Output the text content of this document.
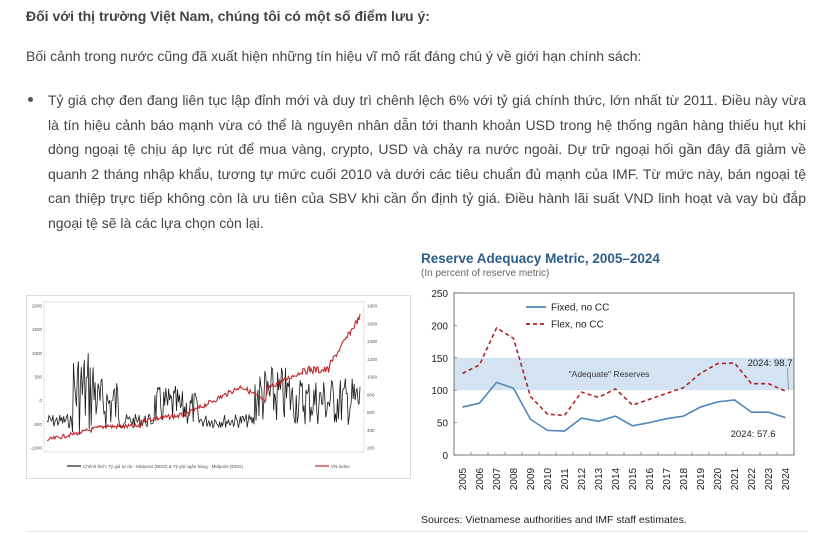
Đối với thị trường Việt Nam, chúng tôi có một số điểm lưu ý:
Bối cảnh trong nước cũng đã xuất hiện những tín hiệu vĩ mô rất đáng chú ý về giới hạn chính sách:
Tỷ giá chợ đen đang liên tục lập đỉnh mới và duy trì chênh lệch 6% với tỷ giá chính thức, lớn nhất từ 2011. Điều này vừa là tín hiệu cảnh báo mạnh vừa có thể là nguyên nhân dẫn tới thanh khoản USD trong hệ thống ngân hàng thiếu hụt khi dòng ngoại tệ chịu áp lực rút để mua vàng, crypto, USD và chảy ra nước ngoài. Dự trữ ngoại hối gần đây đã giảm về quanh 2 tháng nhập khẩu, tương tự mức cuối 2010 và dưới các tiêu chuẩn đủ mạnh của IMF. Từ mức này, bán ngoại tệ can thiệp trực tiếp không còn là ưu tiên của SBV khi cần ổn định tỷ giá. Điều hành lãi suất VND linh hoạt và vay bù đắp ngoại tệ sẽ là các lựa chọn còn lại.
2000
1500
1000
500
0
-500
-1000
1800
1600
1400
1200
1000
800
600
400
200
Chênh lệch: Tỷ giá tự do - Midpoint (ĐDO) & Tỷ giá ngân hàng - Midpoint (ĐDO)	VN-index
Reserve Adequacy Metric, 2005–2024
(In percent of reserve metric)
"Adequate" Reserves
0
50
100
150
200
250
2005 2006 2007 2008 2009 2010 2011 2012 2013 2014 2015 2016 2017 2018 2019 2020 2021 2022 2023 2024
Fixed, no CC
Flex, no CC
2024: 98.7
2024: 57.6
Sources: Vietnamese authorities and IMF staff estimates.
